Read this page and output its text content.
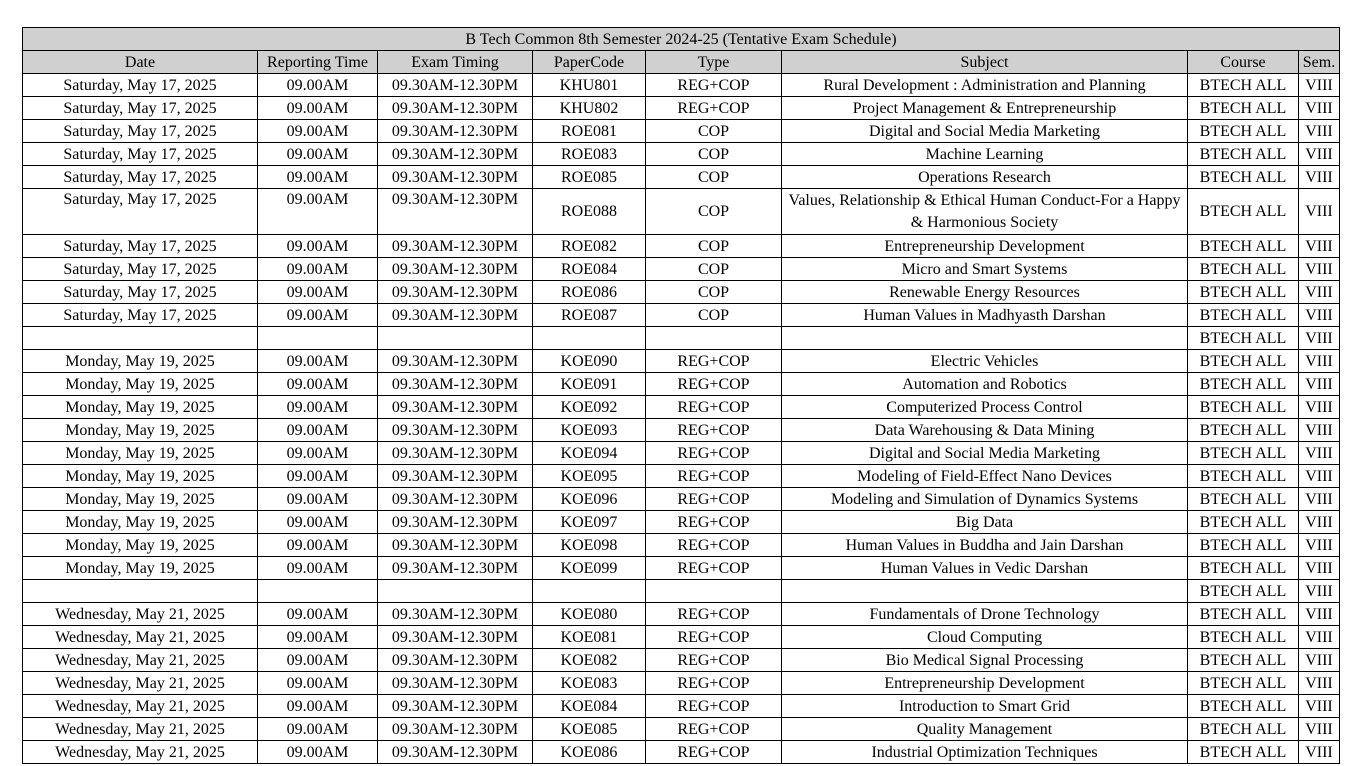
B Tech Common 8th Semester 2024-25 (Tentative Exam Schedule)							
Date	Reporting Time	Exam Timing	PaperCode	Type	Subject	Course	Sem.
Saturday, May 17, 2025	09.00AM	09.30AM-12.30PM	KHU801	REG+COP	Rural Development : Administration and Planning	BTECH ALL	VIII
Saturday, May 17, 2025	09.00AM	09.30AM-12.30PM	KHU802	REG+COP	Project Management & Entrepreneurship	BTECH ALL	VIII
Saturday, May 17, 2025	09.00AM	09.30AM-12.30PM	ROE081	COP	Digital and Social Media Marketing	BTECH ALL	VIII
Saturday, May 17, 2025	09.00AM	09.30AM-12.30PM	ROE083	COP	Machine Learning	BTECH ALL	VIII
Saturday, May 17, 2025	09.00AM	09.30AM-12.30PM	ROE085	COP	Operations Research	BTECH ALL	VIII
Saturday, May 17, 2025	09.00AM	09.30AM-12.30PM	ROE088	COP	Values, Relationship & Ethical Human Conduct-For a Happy & Harmonious Society	BTECH ALL	VIII
Saturday, May 17, 2025	09.00AM	09.30AM-12.30PM	ROE082	COP	Entrepreneurship Development	BTECH ALL	VIII
Saturday, May 17, 2025	09.00AM	09.30AM-12.30PM	ROE084	COP	Micro and Smart Systems	BTECH ALL	VIII
Saturday, May 17, 2025	09.00AM	09.30AM-12.30PM	ROE086	COP	Renewable Energy Resources	BTECH ALL	VIII
Saturday, May 17, 2025	09.00AM	09.30AM-12.30PM	ROE087	COP	Human Values in Madhyasth Darshan	BTECH ALL	VIII
						BTECH ALL	VIII
Monday, May 19, 2025	09.00AM	09.30AM-12.30PM	KOE090	REG+COP	Electric Vehicles	BTECH ALL	VIII
Monday, May 19, 2025	09.00AM	09.30AM-12.30PM	KOE091	REG+COP	Automation and Robotics	BTECH ALL	VIII
Monday, May 19, 2025	09.00AM	09.30AM-12.30PM	KOE092	REG+COP	Computerized Process Control	BTECH ALL	VIII
Monday, May 19, 2025	09.00AM	09.30AM-12.30PM	KOE093	REG+COP	Data Warehousing & Data Mining	BTECH ALL	VIII
Monday, May 19, 2025	09.00AM	09.30AM-12.30PM	KOE094	REG+COP	Digital and Social Media Marketing	BTECH ALL	VIII
Monday, May 19, 2025	09.00AM	09.30AM-12.30PM	KOE095	REG+COP	Modeling of Field-Effect Nano Devices	BTECH ALL	VIII
Monday, May 19, 2025	09.00AM	09.30AM-12.30PM	KOE096	REG+COP	Modeling and Simulation of Dynamics Systems	BTECH ALL	VIII
Monday, May 19, 2025	09.00AM	09.30AM-12.30PM	KOE097	REG+COP	Big Data	BTECH ALL	VIII
Monday, May 19, 2025	09.00AM	09.30AM-12.30PM	KOE098	REG+COP	Human Values in Buddha and Jain Darshan	BTECH ALL	VIII
Monday, May 19, 2025	09.00AM	09.30AM-12.30PM	KOE099	REG+COP	Human Values in Vedic Darshan	BTECH ALL	VIII
						BTECH ALL	VIII
Wednesday, May 21, 2025	09.00AM	09.30AM-12.30PM	KOE080	REG+COP	Fundamentals of Drone Technology	BTECH ALL	VIII
Wednesday, May 21, 2025	09.00AM	09.30AM-12.30PM	KOE081	REG+COP	Cloud Computing	BTECH ALL	VIII
Wednesday, May 21, 2025	09.00AM	09.30AM-12.30PM	KOE082	REG+COP	Bio Medical Signal Processing	BTECH ALL	VIII
Wednesday, May 21, 2025	09.00AM	09.30AM-12.30PM	KOE083	REG+COP	Entrepreneurship Development	BTECH ALL	VIII
Wednesday, May 21, 2025	09.00AM	09.30AM-12.30PM	KOE084	REG+COP	Introduction to Smart Grid	BTECH ALL	VIII
Wednesday, May 21, 2025	09.00AM	09.30AM-12.30PM	KOE085	REG+COP	Quality Management	BTECH ALL	VIII
Wednesday, May 21, 2025	09.00AM	09.30AM-12.30PM	KOE086	REG+COP	Industrial Optimization Techniques	BTECH ALL	VIII
